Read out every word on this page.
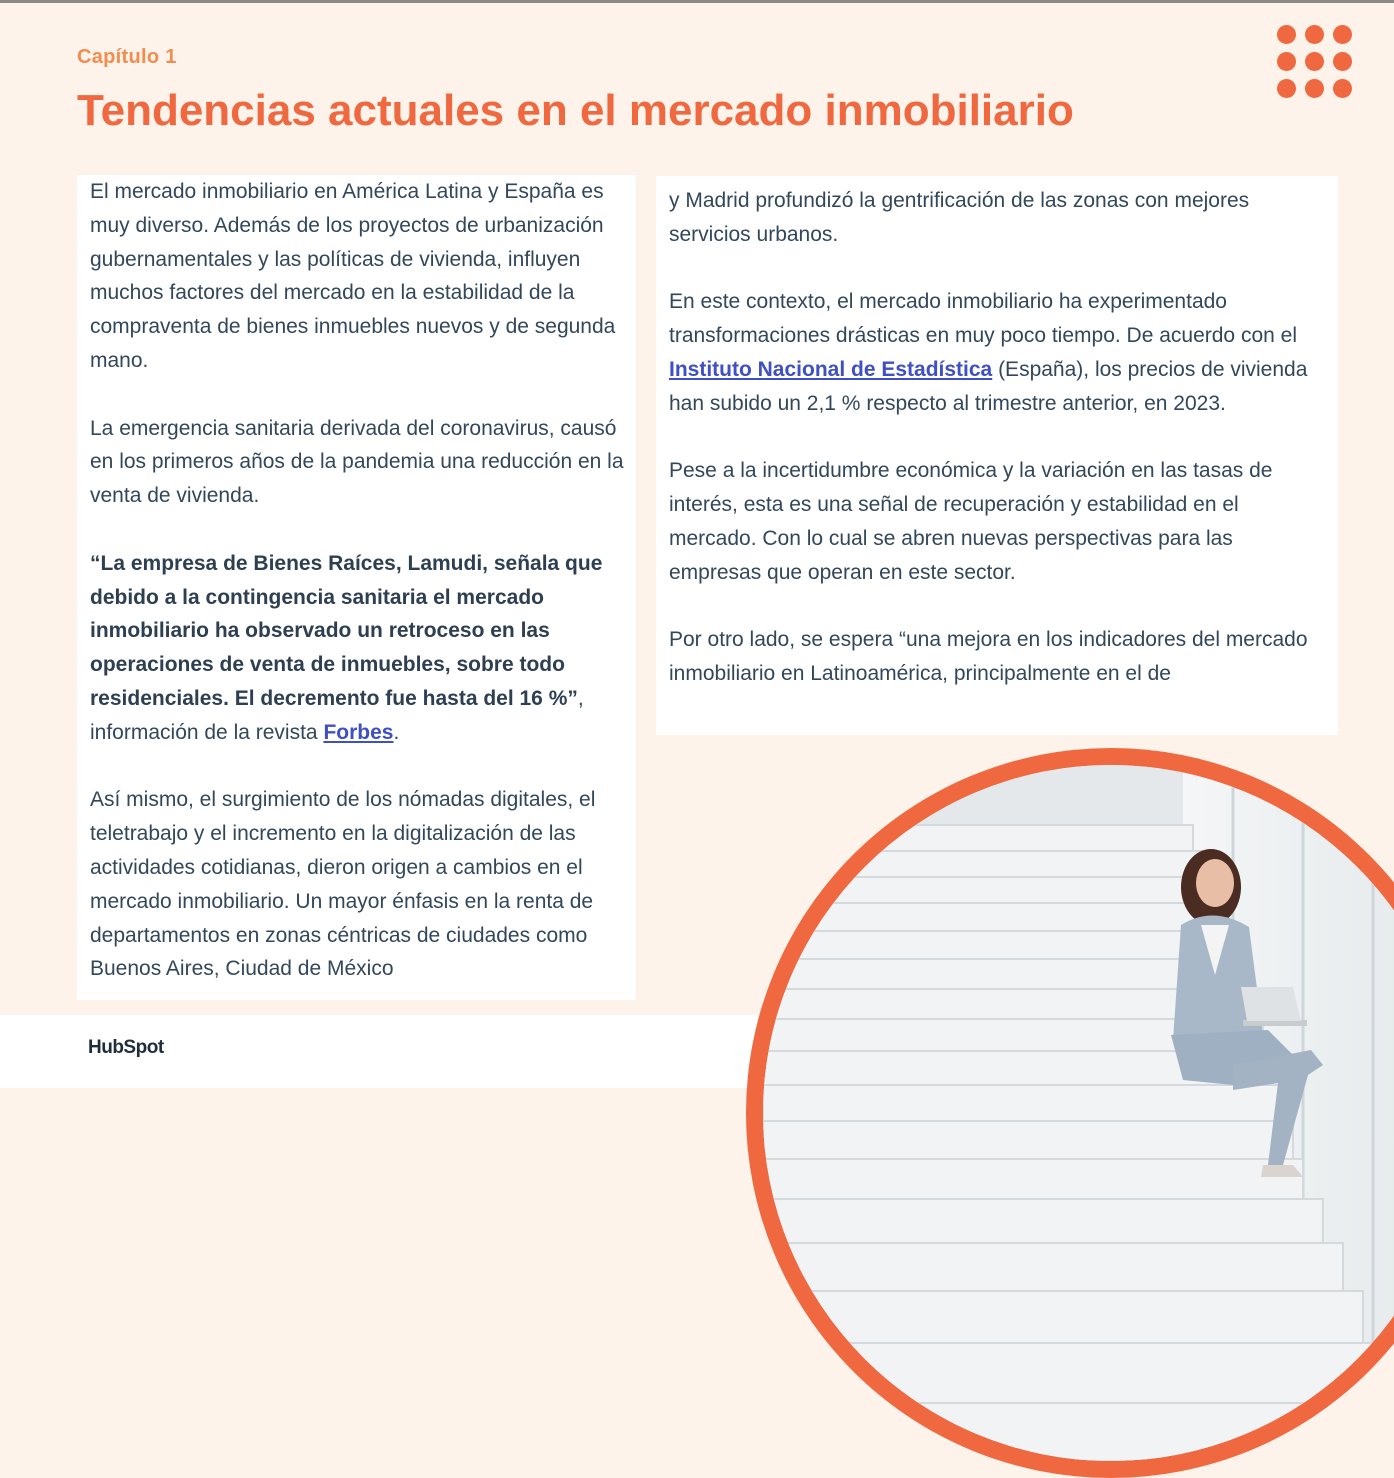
Capítulo 1
Tendencias actuales en el mercado inmobiliario

El mercado inmobiliario en América Latina y España es muy diverso. Además de los proyectos de urbanización gubernamentales y las políticas de vivienda, influyen muchos factores del mercado en la estabilidad de la compraventa de bienes inmuebles nuevos y de segunda mano.

La emergencia sanitaria derivada del coronavirus, causó en los primeros años de la pandemia una reducción en la venta de vivienda.

“La empresa de Bienes Raíces, Lamudi, señala que debido a la contingencia sanitaria el mercado inmobiliario ha observado un retroceso en las operaciones de venta de inmuebles, sobre todo residenciales. El decremento fue hasta del 16 %”, información de la revista Forbes.

Así mismo, el surgimiento de los nómadas digitales, el teletrabajo y el incremento en la digitalización de las actividades cotidianas, dieron origen a cambios en el mercado inmobiliario. Un mayor énfasis en la renta de departamentos en zonas céntricas de ciudades como Buenos Aires, Ciudad de México

y Madrid profundizó la gentrificación de las zonas con mejores servicios urbanos.

En este contexto, el mercado inmobiliario ha experimentado transformaciones drásticas en muy poco tiempo. De acuerdo con el Instituto Nacional de Estadística (España), los precios de vivienda han subido un 2,1 % respecto al trimestre anterior, en 2023.

Pese a la incertidumbre económica y la variación en las tasas de interés, esta es una señal de recuperación y estabilidad en el mercado. Con lo cual se abren nuevas perspectivas para las empresas que operan en este sector.

Por otro lado, se espera “una mejora en los indicadores del mercado inmobiliario en Latinoamérica, principalmente en el de

HubSpot
